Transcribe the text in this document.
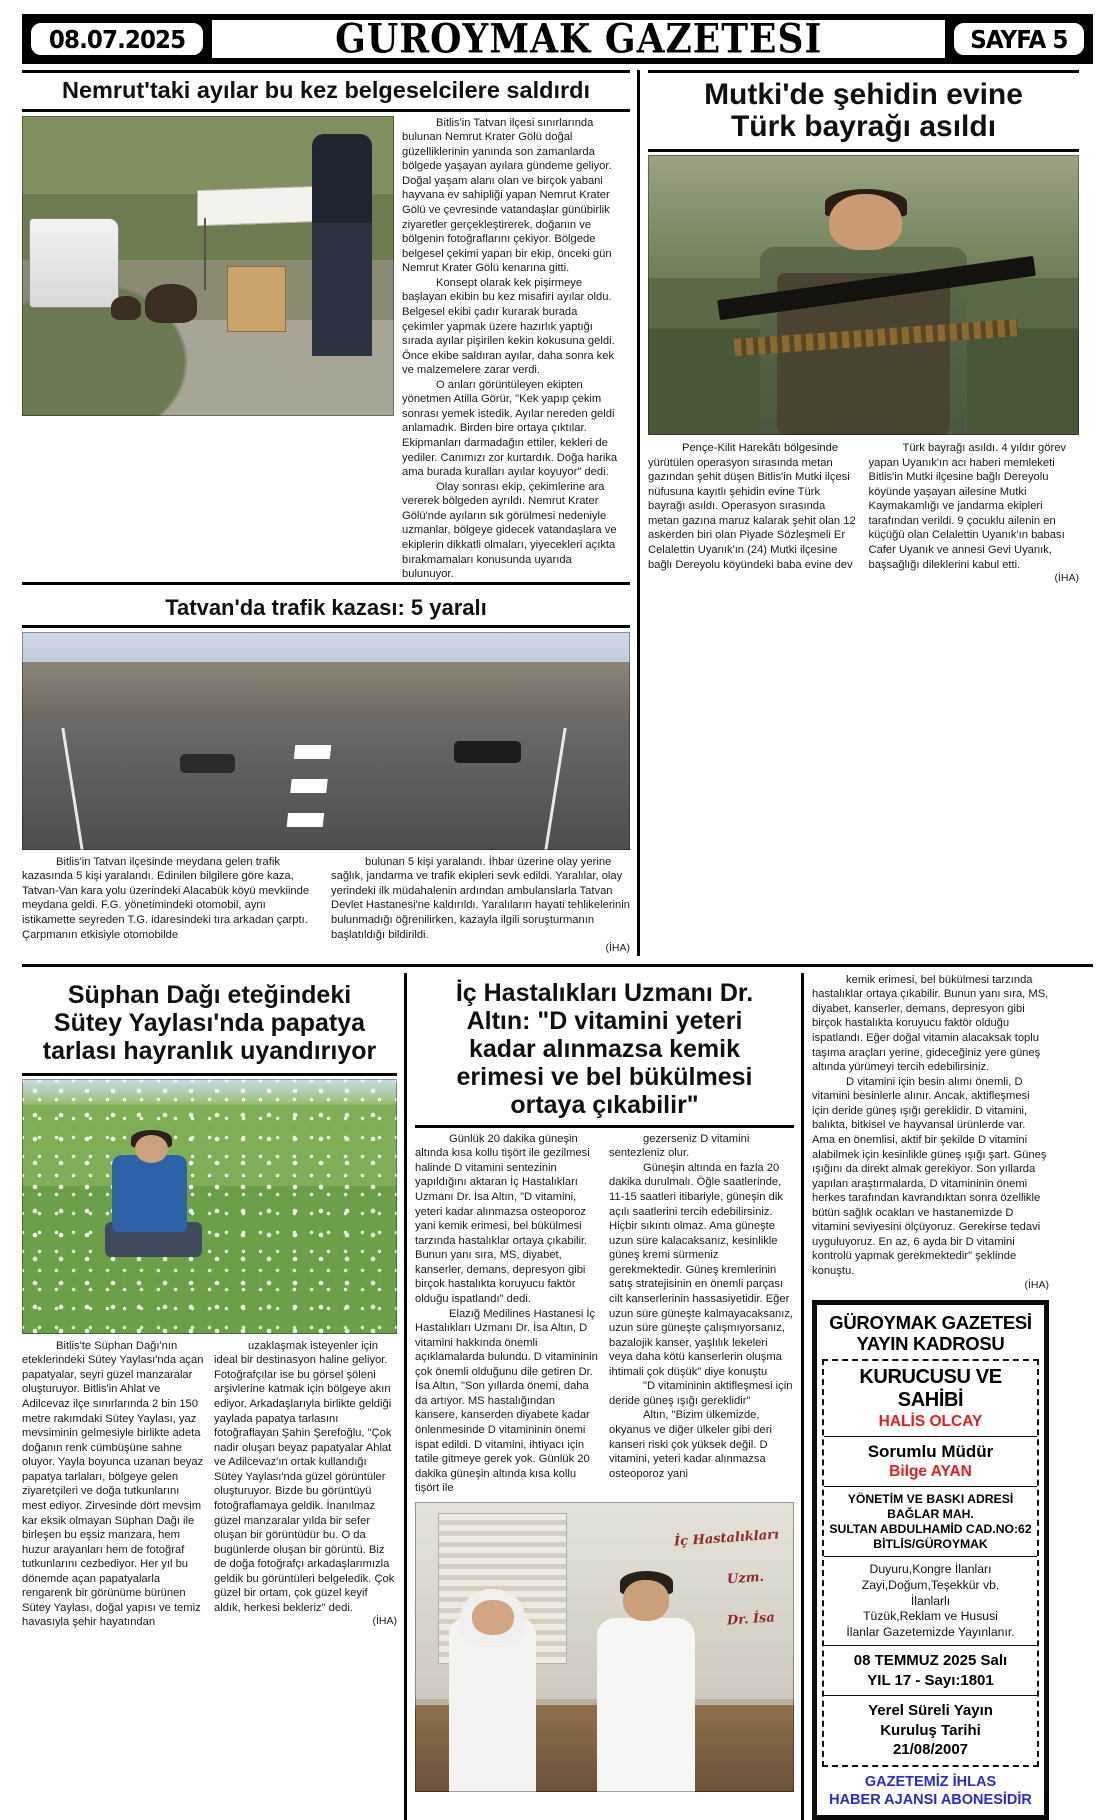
08.07.2025	GÜROYMAK GAZETESİ	SAYFA 5
Nemrut'taki ayılar bu kez belgeselcilere saldırdı

Bitlis'in Tatvan ilçesi sınırlarında bulunan Nemrut Krater Gölü doğal güzelliklerinin yanında son zamanlarda bölgede yaşayan ayılara gündeme geliyor. Doğal yaşam alanı olan ve birçok yabani hayvana ev sahipliği yapan Nemrut Krater Gölü ve çevresinde vatandaşlar günübirlik ziyaretler gerçekleştirerek, doğanın ve bölgenin fotoğraflarını çekiyor. Bölgede belgesel çekimi yapan bir ekip, önceki gün Nemrut Krater Gölü kenarına gitti.

Konsept olarak kek pişirmeye başlayan ekibin bu kez misafiri ayılar oldu. Belgesel ekibi çadır kurarak burada çekimler yapmak üzere hazırlık yaptığı sırada ayılar pişirilen kekin kokusuna geldi. Önce ekibe saldıran ayılar, daha sonra kek ve malzemelere zarar verdi.

O anları görüntüleyen ekipten yönetmen Atilla Görür, "Kek yapıp çekim sonrası yemek istedik. Ayılar nereden geldi anlamadık. Birden bire ortaya çıktılar. Ekipmanları darmadağın ettiler, kekleri de yediler. Canımızı zor kurtardık. Doğa harika ama burada kuralları ayılar koyuyor" dedi.

Olay sonrası ekip, çekimlerine ara vererek bölgeden ayrıldı. Nemrut Krater Gölü'nde ayıların sık görülmesi nedeniyle uzmanlar, bölgeye gidecek vatandaşlara ve ekiplerin dikkatli olmaları, yiyecekleri açıkta bırakmamaları konusunda uyarıda bulunuyor.

Tatvan'da trafik kazası: 5 yaralı

Bitlis'in Tatvan ilçesinde meydana gelen trafik kazasında 5 kişi yaralandı. Edinilen bilgilere göre kaza, Tatvan-Van kara yolu üzerindeki Alacabük köyü mevkiinde meydana geldi. F.G. yönetimindeki otomobil, aynı istikamette seyreden T.G. idaresindeki tıra arkadan çarptı. Çarpmanın etkisiyle otomobilde

bulunan 5 kişi yaralandı. İhbar üzerine olay yerine sağlık, jandarma ve trafik ekipleri sevk edildi. Yaralılar, olay yerindeki ilk müdahalenin ardından ambulanslarla Tatvan Devlet Hastanesi'ne kaldırıldı. Yaralıların hayati tehlikelerinin bulunmadığı öğrenilirken, kazayla ilgili soruşturmanın başlatıldığı bildirildi.

(İHA)
Mutki'de şehidin evine
Türk bayrağı asıldı

Pençe-Kilit Harekâtı bölgesinde yürütülen operasyon sırasında metan gazından şehit düşen Bitlis'in Mutki ilçesi nüfusuna kayıtlı şehidin evine Türk bayrağı asıldı. Operasyon sırasında metan gazına maruz kalarak şehit olan 12 askerden biri olan Piyade Sözleşmeli Er Celalettin Uyanık'ın (24) Mutki ilçesine bağlı Dereyolu köyündeki baba evine dev

Türk bayrağı asıldı. 4 yıldır görev yapan Uyanık'ın acı haberi memleketi Bitlis'in Mutki ilçesine bağlı Dereyolu köyünde yaşayan ailesine Mutki Kaymakamlığı ve jandarma ekipleri tarafından verildi. 9 çocuklu ailenin en küçüğü olan Celalettin Uyanık'ın babası Cafer Uyanık ve annesi Gevi Uyanık, başsağlığı dileklerini kabul etti.

(İHA)
Süphan Dağı eteğindeki
Sütey Yaylası'nda papatya
tarlası hayranlık uyandırıyor

Bitlis'te Süphan Dağı'nın eteklerindeki Sütey Yaylası'nda açan papatyalar, seyri güzel manzaralar oluşturuyor. Bitlis'in Ahlat ve Adilcevaz ilçe sınırlarında 2 bin 150 metre rakımdaki Sütey Yaylası, yaz mevsiminin gelmesiyle birlikte adeta doğanın renk cümbüşüne sahne oluyor. Yayla boyunca uzanan beyaz papatya tarlaları, bölgeye gelen ziyaretçileri ve doğa tutkunlarını mest ediyor. Zirvesinde dört mevsim kar eksik olmayan Süphan Dağı ile birleşen bu eşsiz manzara, hem huzur arayanları hem de fotoğraf tutkunlarını cezbediyor. Her yıl bu dönemde açan papatyalarla rengarenk bir görünüme bürünen Sütey Yaylası, doğal yapısı ve temiz havasıyla şehir hayatından

uzaklaşmak isteyenler için ideal bir destinasyon haline geliyor. Fotoğrafçılar ise bu görsel şöleni arşivlerine katmak için bölgeye akın ediyor. Arkadaşlarıyla birlikte geldiği yaylada papatya tarlasını fotoğraflayan Şahin Şerefoğlu, "Çok nadir oluşan beyaz papatyalar Ahlat ve Adilcevaz'ın ortak kullandığı Sütey Yaylası'nda güzel görüntüler oluşturuyor. Bizde bu görüntüyü fotoğraflamaya geldik. İnanılmaz güzel manzaralar yılda bir sefer oluşan bir görüntüdür bu. O da bugünlerde oluşan bir görüntü. Biz de doğa fotoğrafçı arkadaşlarımızla geldik bu görüntüleri belgeledik. Çok güzel bir ortam, çok güzel keyif aldık, herkesi bekleriz" dedi.

(İHA)
İç Hastalıkları Uzmanı Dr.
Altın: "D vitamini yeteri
kadar alınmazsa kemik
erimesi ve bel bükülmesi
ortaya çıkabilir"

Günlük 20 dakika güneşin altında kısa kollu tişört ile gezilmesi halinde D vitamini sentezinin yapıldığını aktaran İç Hastalıkları Uzmanı Dr. İsa Altın, "D vitamini, yeteri kadar alınmazsa osteoporoz yani kemik erimesi, bel bükülmesi tarzında hastalıklar ortaya çıkabilir. Bunun yanı sıra, MS, diyabet, kanserler, demans, depresyon gibi birçok hastalıkta koruyucu faktör olduğu ispatlandı" dedi.

Elazığ Medilines Hastanesi İç Hastalıkları Uzmanı Dr. İsa Altın, D vitamini hakkında önemli açıklamalarda bulundu. D vitamininin çok önemli olduğunu dile getiren Dr. İsa Altın, "Son yıllarda önemi, daha da artıyor. MS hastalığından kansere, kanserden diyabete kadar önlenmesinde D vitamininin önemi ispat edildi. D vitamini, ihtiyacı için tatile gitmeye gerek yok. Günlük 20 dakika güneşin altında kısa kollu tişört ile

gezerseniz D vitamini sentezleniz olur.

Güneşin altında en fazla 20 dakika durulmalı. Öğle saatlerinde, 11-15 saatleri itibariyle, güneşin dik açılı saatlerini tercih edebilirsiniz. Hiçbir sıkıntı olmaz. Ama güneşte uzun süre kalacaksanız, kesinlikle güneş kremi sürmeniz gerekmektedir. Güneş kremlerinin satış stratejisinin en önemli parçası cilt kanserlerinin hassasiyetidir. Eğer uzun süre güneşte kalmayacaksanız, uzun süre güneşte çalışmıyorsanız, bazalojik kanser, yaşlılık lekeleri veya daha kötü kanserlerin oluşma ihtimali çok düşük" diye konuştu

"D vitamininin aktifleşmesi için deride güneş ışığı gereklidir"

Altın, "Bizim ülkemizde, okyanus ve diğer ülkeler gibi deri kanseri riski çok yüksek değil. D vitamini, yeteri kadar alınmazsa osteoporoz yani

İç Hastalıkları
Uzm.
Dr. İsa

kemik erimesi, bel bükülmesi tarzında hastalıklar ortaya çıkabilir. Bunun yanı sıra, MS, diyabet, kanserler, demans, depresyon gibi birçok hastalıkta koruyucu faktör olduğu ispatlandı. Eğer doğal vitamin alacaksak toplu taşıma araçları yerine, gideceğiniz yere güneş altında yürümeyi tercih edebilirsiniz.

D vitamini için besin alımı önemli, D vitamini besinlerle alınır. Ancak, aktifleşmesi için deride güneş ışığı gereklidir. D vitamini, balıkta, bitkisel ve hayvansal ürünlerde var. Ama en önemlisi, aktif bir şekilde D vitamini alabilmek için kesinlikle güneş ışığı şart. Güneş ışığını da direkt almak gerekiyor. Son yıllarda yapılan araştırmalarda, D vitamininin önemi herkes tarafından kavrandıktan sonra özellikle bütün sağlık ocakları ve hastanemizde D vitamini seviyesini ölçüyoruz. Gerekirse tedavi uyguluyoruz. En az, 6 ayda bir D vitamini kontrolü yapmak gerekmektedir" şeklinde konuştu.

(İHA)
GÜROYMAK GAZETESİ
YAYIN KADROSU
KURUCUSU VE SAHİBİ
HALİS OLCAY
Sorumlu Müdür
Bilge AYAN
YÖNETİM VE BASKI ADRESİ
BAĞLAR MAH.
SULTAN ABDULHAMİD CAD.NO:62
BİTLİS/GÜROYMAK
Duyuru,Kongre İlanları
Zayi,Doğum,Teşekkür vb.
İlanlarlı
Tüzük,Reklam ve Hususi
İlanlar Gazetemizde Yayınlanır.
08 TEMMUZ 2025 Salı
YIL 17 - Sayı:1801
Yerel Süreli Yayın
Kuruluş Tarihi
21/08/2007
GAZETEMİZ İHLAS
HABER AJANSI ABONESİDİR
